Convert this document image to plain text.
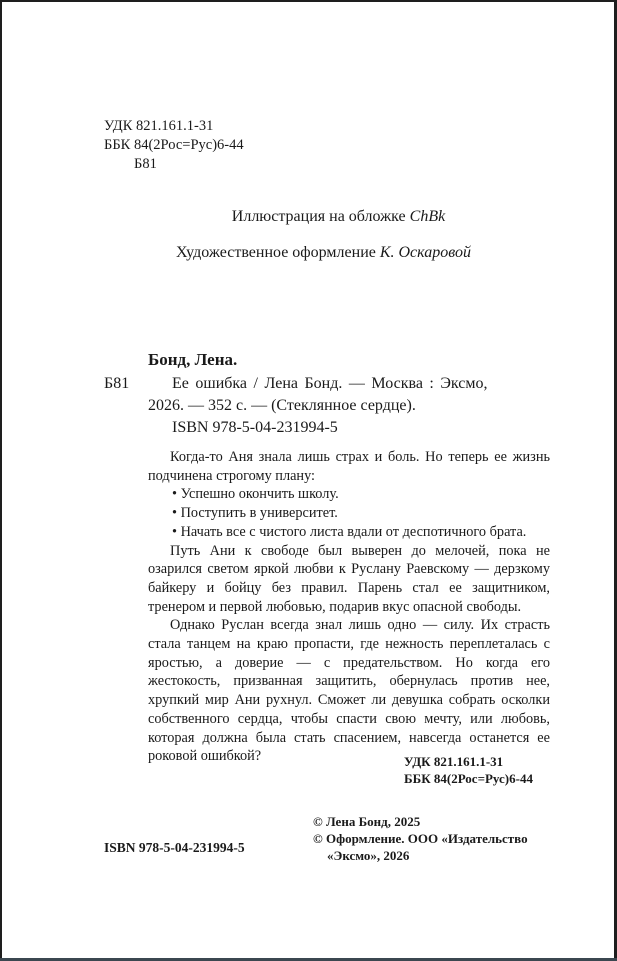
УДК 821.161.1-31
ББК 84(2Рос=Рус)6-44
Б81
Иллюстрация на обложке ChBk
Художественное оформление К. Оскаровой
Бонд, Лена.
Б81	Ее ошибка / Лена Бонд. — Москва : Эксмо,
2026. — 352 с. — (Стеклянное сердце).
ISBN 978-5-04-231994-5

Когда-то Аня знала лишь страх и боль. Но теперь ее жизнь подчинена строгому плану:

• Успешно окончить школу.

• Поступить в университет.

• Начать все с чистого листа вдали от деспотичного брата.

Путь Ани к свободе был выверен до мелочей, пока не озарился светом яркой любви к Руслану Раевскому — дерзкому байкеру и бойцу без правил. Парень стал ее защитником, тренером и первой любовью, подарив вкус опасной свободы.

Однако Руслан всегда знал лишь одно — силу. Их страсть стала танцем на краю пропасти, где нежность переплеталась с яростью, а доверие — с предательством. Но когда его жестокость, призванная защитить, обернулась против нее, хрупкий мир Ани рухнул. Сможет ли девушка собрать осколки собственного сердца, чтобы спасти свою мечту, или любовь, которая должна была стать спасением, навсегда останется ее роковой ошибкой?	УДК 821.161.1-31
ББК 84(2Рос=Рус)6-44
ISBN 978-5-04-231994-5
© Лена Бонд, 2025
© Оформление. ООО «Издательство
«Эксмо», 2026
